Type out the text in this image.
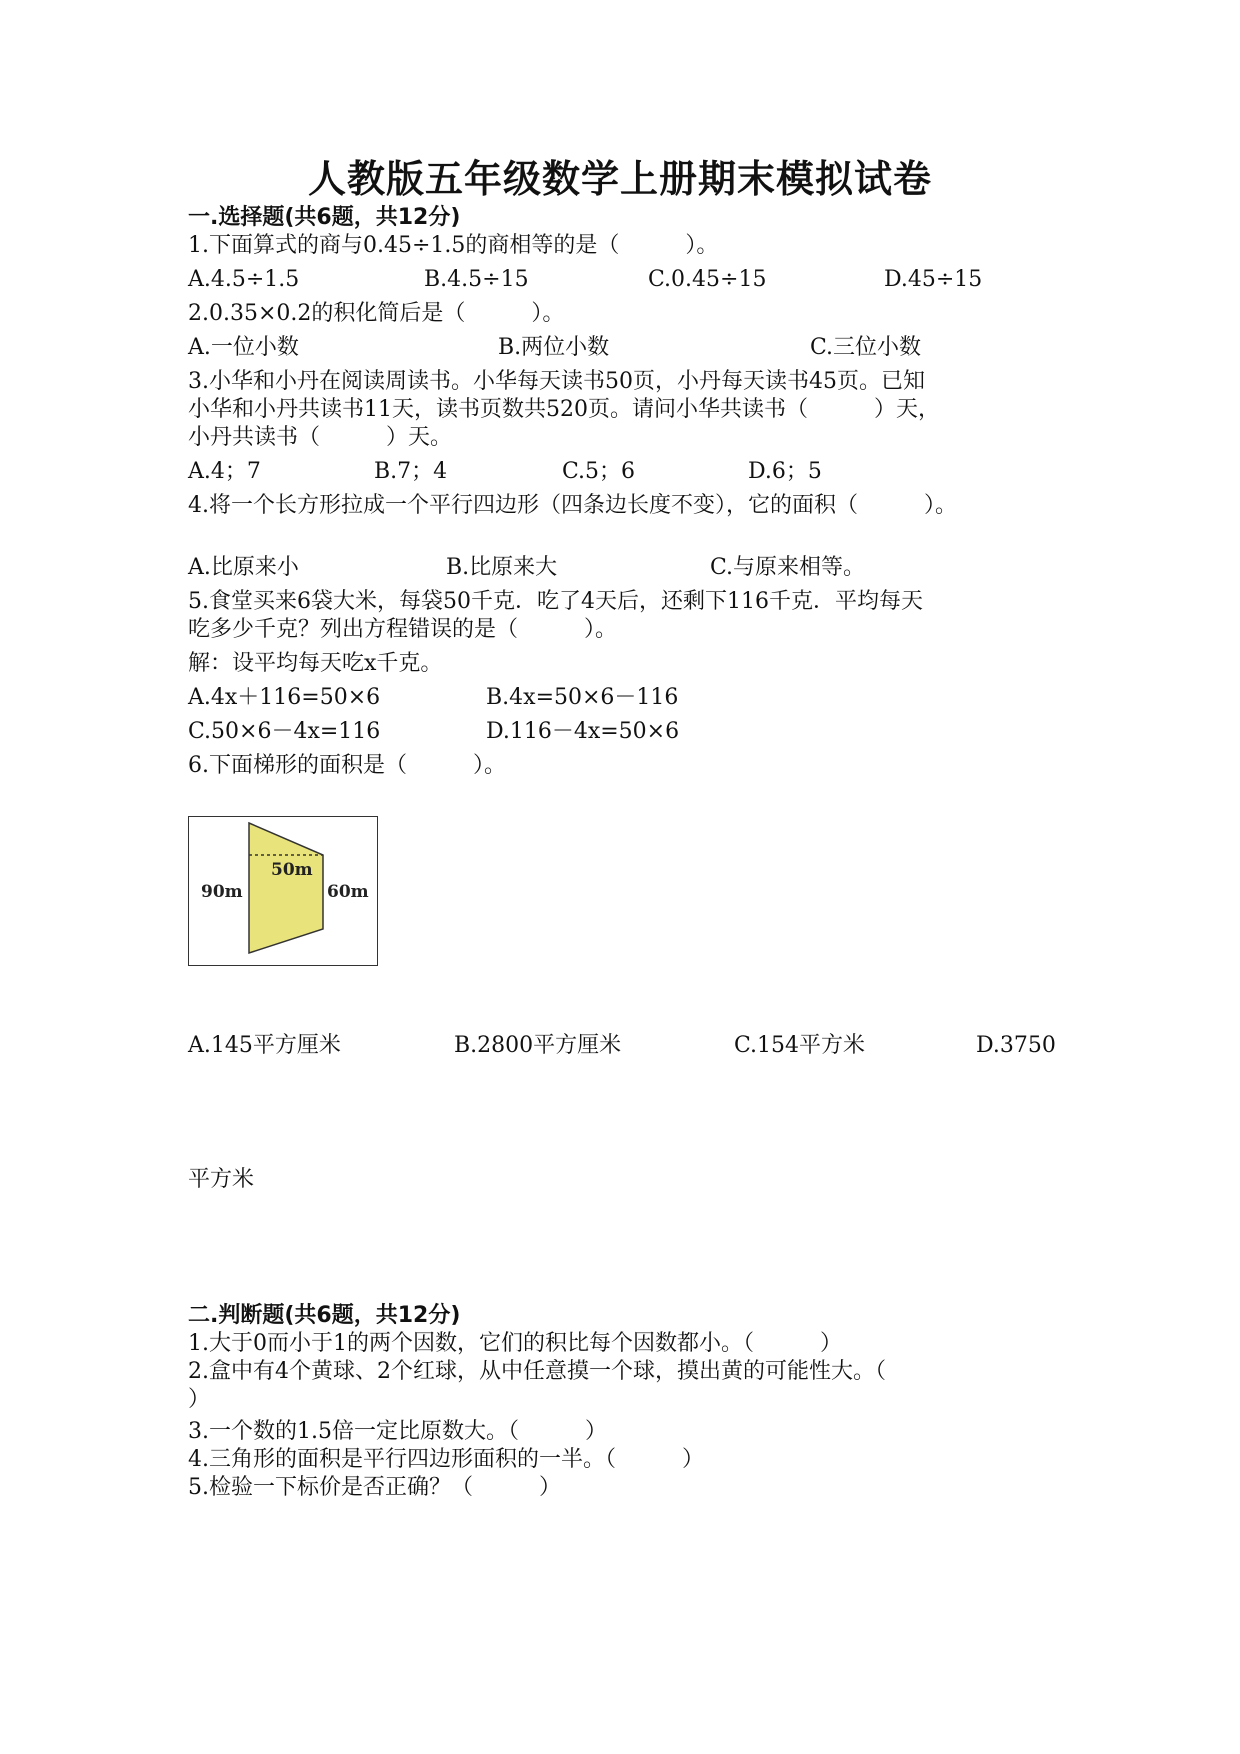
人教版五年级数学上册期末模拟试卷
一.选择题(共6题，共12分)
1.下面算式的商与0.45÷1.5的商相等的是（　　　）。
A.4.5÷1.5	B.4.5÷15	C.0.45÷15	D.45÷15
2.0.35×0.2的积化简后是（　　　）。
A.一位小数	B.两位小数	C.三位小数
3.小华和小丹在阅读周读书。小华每天读书50页，小丹每天读书45页。已知
小华和小丹共读书11天，读书页数共520页。请问小华共读书（　　　）天，
小丹共读书（　　　）天。
A.4；7	B.7；4	C.5；6	D.6；5
4.将一个长方形拉成一个平行四边形（四条边长度不变），它的面积（　　　）。
A.比原来小	B.比原来大	C.与原来相等。
5.食堂买来6袋大米，每袋50千克．吃了4天后，还剩下116千克．平均每天
吃多少千克？列出方程错误的是（　　　）。
解：设平均每天吃x千克。
A.4x＋116=50×6	B.4x=50×6－116
C.50×6－4x=116	D.116－4x=50×6
6.下面梯形的面积是（　　　）。
90m
50m
60m
A.145平方厘米	B.2800平方厘米	C.154平方米	D.3750
平方米
二.判断题(共6题，共12分)
1.大于0而小于1的两个因数，它们的积比每个因数都小。（　　　）
2.盒中有4个黄球、2个红球，从中任意摸一个球，摸出黄的可能性大。（
）
3.一个数的1.5倍一定比原数大。（　　　）
4.三角形的面积是平行四边形面积的一半。（　　　）
5.检验一下标价是否正确？（　　　）
